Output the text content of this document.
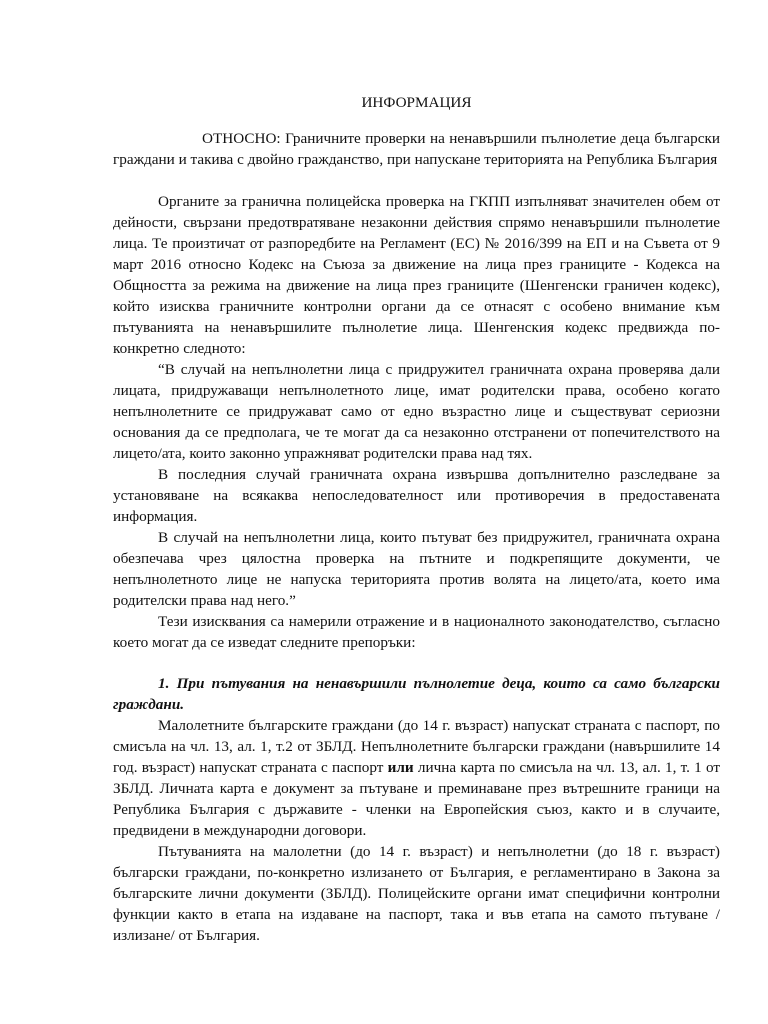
ИНФОРМАЦИЯ
ОТНОСНО: Граничните проверки на ненавършили пълнолетие деца български граждани и такива с двойно гражданство, при напускане територията на Република България

Органите за гранична полицейска проверка на ГКПП изпълняват значителен обем от дейности, свързани предотвратяване незаконни действия спрямо ненавършили пълнолетие лица. Те произтичат от разпоредбите на Регламент (ЕС) № 2016/399 на ЕП и на Съвета от 9 март 2016 относно Кодекс на Съюза за движение на лица през границите - Кодекса на Общността за режима на движение на лица през границите (Шенгенски граничен кодекс), който изисква граничните контролни органи да се отнасят с особено внимание към пътуванията на ненавършилите пълнолетие лица. Шенгенския кодекс предвижда по-конкретно следното:

“В случай на непълнолетни лица с придружител граничната охрана проверява дали лицата, придружаващи непълнолетното лице, имат родителски права, особено когато непълнолетните се придружават само от едно възрастно лице и съществуват сериозни основания да се предполага, че те могат да са незаконно отстранени от попечителството на лицето/ата, които законно упражняват родителски права над тях.

В последния случай граничната охрана извършва допълнително разследване за установяване на всякаква непоследователност или противоречия в предоставената информация.

В случай на непълнолетни лица, които пътуват без придружител, граничната охрана обезпечава чрез цялостна проверка на пътните и подкрепящите документи, че непълнолетното лице не напуска територията против волята на лицето/ата, което има родителски права над него.”

Тези изисквания са намерили отражение и в националното законодателство, съгласно което могат да се изведат следните препоръки:

1. При пътувания на ненавършили пълнолетие деца, които са само български граждани.

Малолетните българските граждани (до 14 г. възраст) напускат страната с паспорт, по смисъла на чл. 13, ал. 1, т.2 от ЗБЛД. Непълнолетните български граждани (навършилите 14 год. възраст) напускат страната с паспорт или лична карта по смисъла на чл. 13, ал. 1, т. 1 от ЗБЛД. Личната карта е документ за пътуване и преминаване през вътрешните граници на Република България с държавите - членки на Европейския съюз, както и в случаите, предвидени в международни договори.

Пътуванията на малолетни (до 14 г. възраст) и непълнолетни (до 18 г. възраст) български граждани, по-конкретно излизането от България, е регламентирано в Закона за българските лични документи (ЗБЛД). Полицейските органи имат специфични контролни функции както в етапа на издаване на паспорт, така и във етапа на самото пътуване /излизане/ от България.
